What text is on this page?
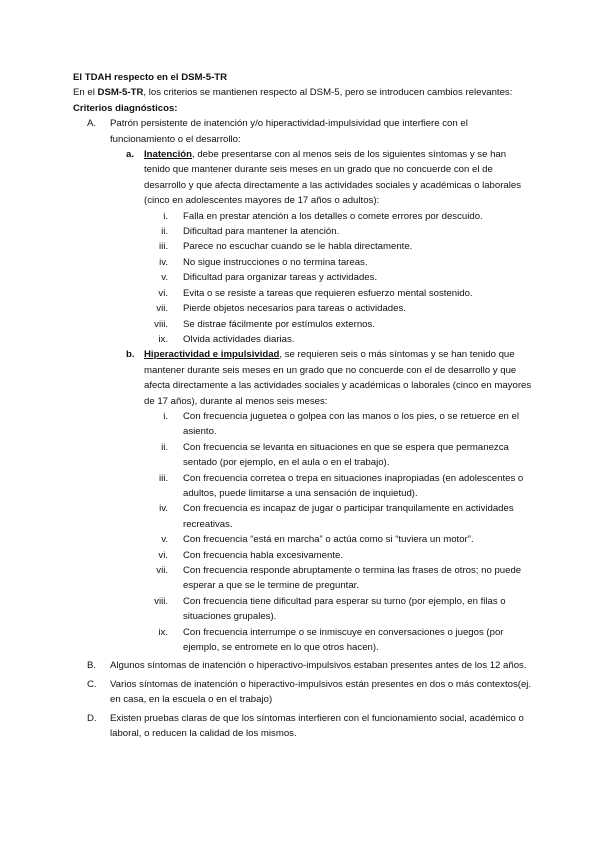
El TDAH respecto en el DSM-5-TR

En el DSM-5-TR, los criterios se mantienen respecto al DSM-5, pero se introducen cambios relevantes:

Criterios diagnósticos:

A. Patrón persistente de inatención y/o hiperactividad-impulsividad que interfiere con el funcionamiento o el desarrollo:
a. Inatención, debe presentarse con al menos seis de los siguientes síntomas y se han tenido que mantener durante seis meses en un grado que no concuerde con el de desarrollo y que afecta directamente a las actividades sociales y académicas o laborales (cinco en adolescentes mayores de 17 años o adultos):
i. Falla en prestar atención a los detalles o comete errores por descuido.
ii. Dificultad para mantener la atención.
iii. Parece no escuchar cuando se le habla directamente.
iv. No sigue instrucciones o no termina tareas.
v. Dificultad para organizar tareas y actividades.
vi. Evita o se resiste a tareas que requieren esfuerzo mental sostenido.
vii. Pierde objetos necesarios para tareas o actividades.
viii. Se distrae fácilmente por estímulos externos.
ix. Olvida actividades diarias.
b. Hiperactividad e impulsividad, se requieren seis o más síntomas y se han tenido que mantener durante seis meses en un grado que no concuerde con el de desarrollo y que afecta directamente a las actividades sociales y académicas o laborales (cinco en mayores de 17 años), durante al menos seis meses:
i. Con frecuencia juguetea o golpea con las manos o los pies, o se retuerce en el asiento.
ii. Con frecuencia se levanta en situaciones en que se espera que permanezca sentado (por ejemplo, en el aula o en el trabajo).
iii. Con frecuencia corretea o trepa en situaciones inapropiadas (en adolescentes o adultos, puede limitarse a una sensación de inquietud).
iv. Con frecuencia es incapaz de jugar o participar tranquilamente en actividades recreativas.
v. Con frecuencia “está en marcha” o actúa como si “tuviera un motor”.
vi. Con frecuencia habla excesivamente.
vii. Con frecuencia responde abruptamente o termina las frases de otros; no puede esperar a que se le termine de preguntar.
viii. Con frecuencia tiene dificultad para esperar su turno (por ejemplo, en filas o situaciones grupales).
ix. Con frecuencia interrumpe o se inmiscuye en conversaciones o juegos (por ejemplo, se entromete en lo que otros hacen).
B. Algunos síntomas de inatención o hiperactivo-impulsivos estaban presentes antes de los 12 años.
C. Varios síntomas de inatención o hiperactivo-impulsivos están presentes en dos o más contextos(ej. en casa, en la escuela o en el trabajo)
D. Existen pruebas claras de que los síntomas interfieren con el funcionamiento social, académico o laboral, o reducen la calidad de los mismos.
